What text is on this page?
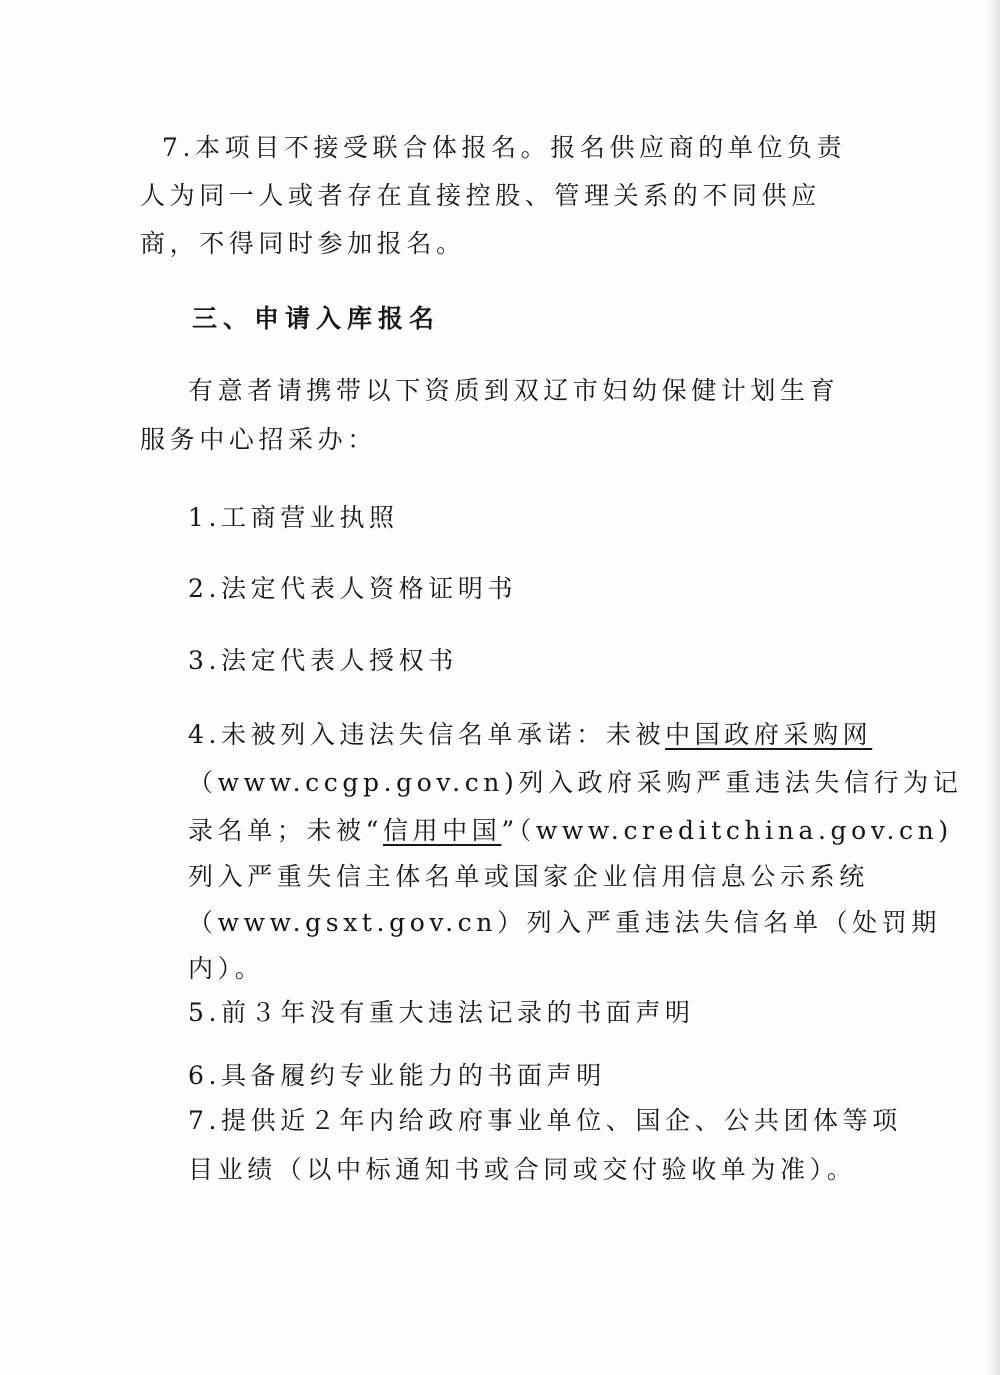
7.本项目不接受联合体报名。报名供应商的单位负责
人为同一人或者存在直接控股、管理关系的不同供应
商，不得同时参加报名。
三、申请入库报名
有意者请携带以下资质到双辽市妇幼保健计划生育
服务中心招采办：
1.工商营业执照
2.法定代表人资格证明书
3.法定代表人授权书
4.未被列入违法失信名单承诺：未被中国政府采购网
（www.ccgp.gov.cn)列入政府采购严重违法失信行为记
录名单；未被“信用中国”（www.creditchina.gov.cn)
列入严重失信主体名单或国家企业信用信息公示系统
（www.gsxt.gov.cn）列入严重违法失信名单（处罚期
内）。
5.前３年没有重大违法记录的书面声明
6.具备履约专业能力的书面声明
7.提供近２年内给政府事业单位、国企、公共团体等项
目业绩（以中标通知书或合同或交付验收单为准）。
